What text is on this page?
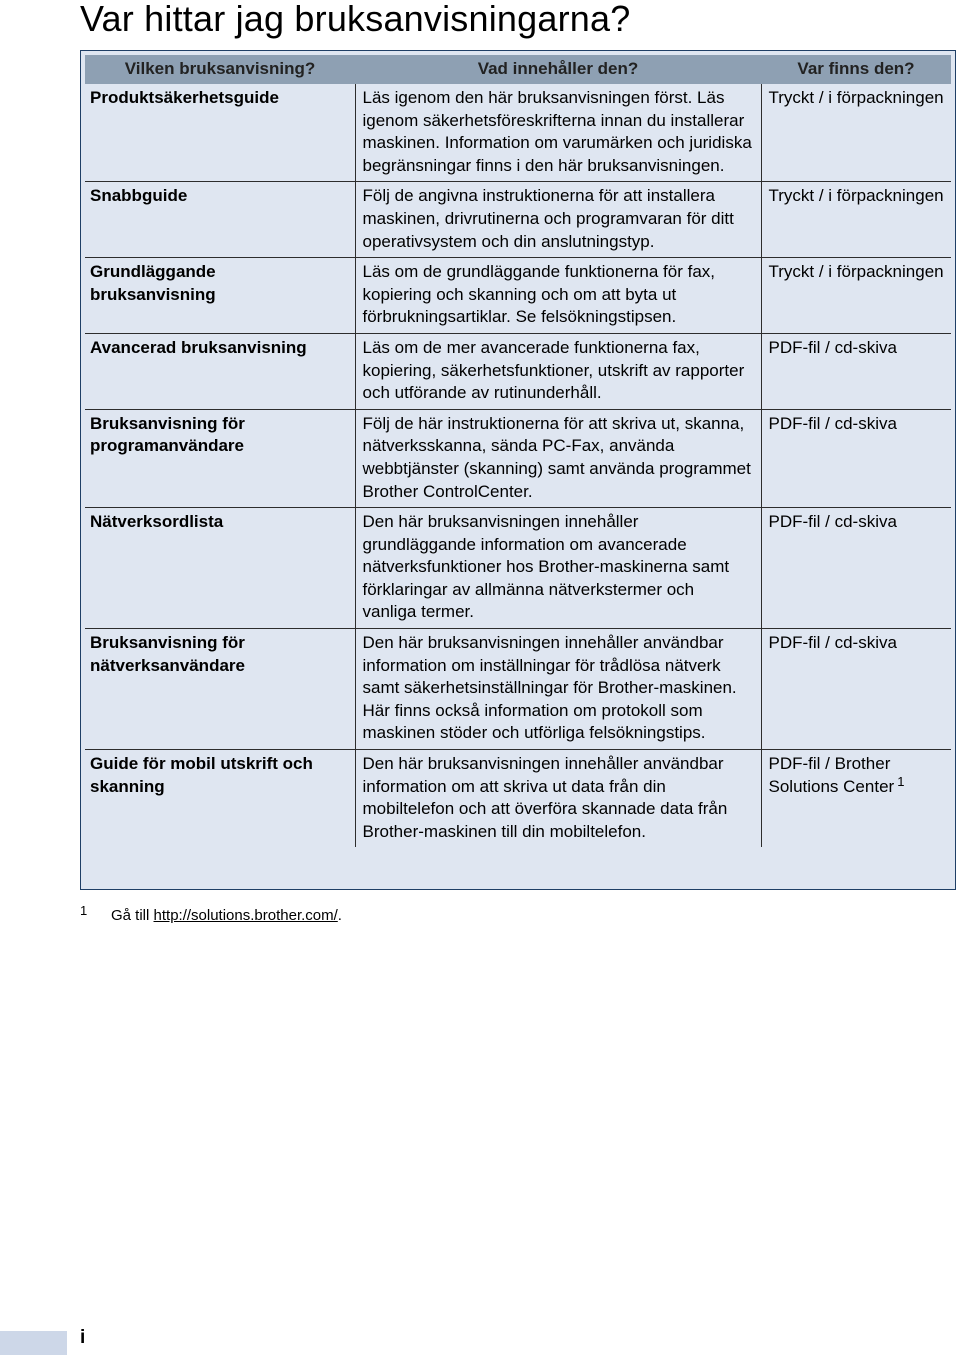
Var hittar jag bruksanvisningarna?
Vilken bruksanvisning?	Vad innehåller den?	Var finns den?
Produktsäkerhetsguide	Läs igenom den här bruksanvisningen först. Läs igenom säkerhetsföreskrifterna innan du installerar maskinen. Information om varumärken och juridiska begränsningar finns i den här bruksanvisningen.	Tryckt / i förpackningen
Snabbguide	Följ de angivna instruktionerna för att installera maskinen, drivrutinerna och programvaran för ditt operativsystem och din anslutningstyp.	Tryckt / i förpackningen
Grundläggande bruksanvisning	Läs om de grundläggande funktionerna för fax, kopiering och skanning och om att byta ut förbrukningsartiklar. Se felsökningstipsen.	Tryckt / i förpackningen
Avancerad bruksanvisning	Läs om de mer avancerade funktionerna fax, kopiering, säkerhetsfunktioner, utskrift av rapporter och utförande av rutinunderhåll.	PDF-fil / cd-skiva
Bruksanvisning för programanvändare	Följ de här instruktionerna för att skriva ut, skanna, nätverksskanna, sända PC-Fax, använda webbtjänster (skanning) samt använda programmet Brother ControlCenter.	PDF-fil / cd-skiva
Nätverksordlista	Den här bruksanvisningen innehåller grundläggande information om avancerade nätverksfunktioner hos Brother-maskinerna samt förklaringar av allmänna nätverkstermer och vanliga termer.	PDF-fil / cd-skiva
Bruksanvisning för nätverksanvändare	Den här bruksanvisningen innehåller användbar information om inställningar för trådlösa nätverk samt säkerhetsinställningar för Brother-maskinen. Här finns också information om protokoll som maskinen stöder och utförliga felsökningstips.	PDF-fil / cd-skiva
Guide för mobil utskrift och skanning	Den här bruksanvisningen innehåller användbar information om att skriva ut data från din mobiltelefon och att överföra skannade data från Brother-maskinen till din mobiltelefon.	PDF-fil / Brother Solutions Center $^1$
1 Gå till http://solutions.brother.com/.
i
